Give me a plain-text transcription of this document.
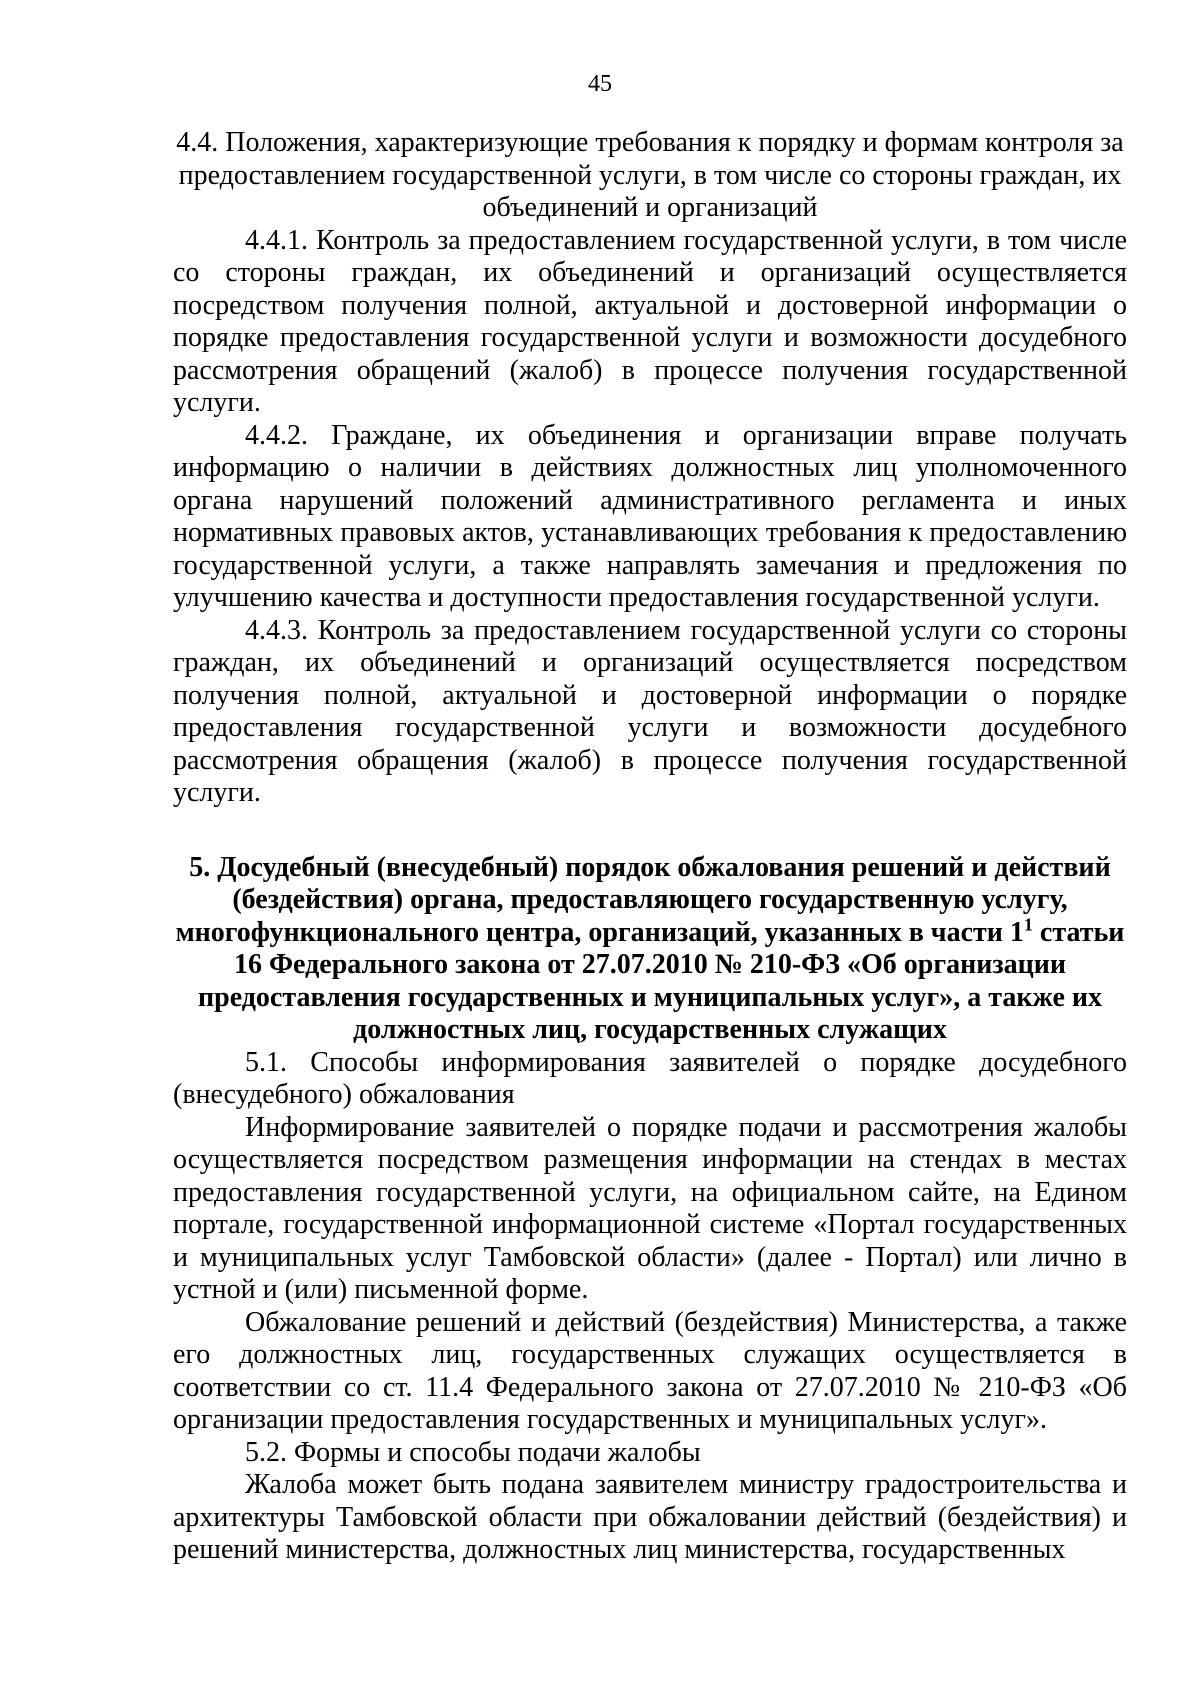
45

4.4. Положения, характеризующие требования к порядку и формам контроля за предоставлением государственной услуги, в том числе со стороны граждан, их объединений и организаций

4.4.1. Контроль за предоставлением государственной услуги, в том числе со стороны граждан, их объединений и организаций осуществляется посредством получения полной, актуальной и достоверной информации о порядке предоставления государственной услуги и возможности досудебного рассмотрения обращений (жалоб) в процессе получения государственной услуги.

4.4.2. Граждане, их объединения и организации вправе получать информацию о наличии в действиях должностных лиц уполномоченного органа нарушений положений административного регламента и иных нормативных правовых актов, устанавливающих требования к предоставлению государственной услуги, а также направлять замечания и предложения по улучшению качества и доступности предоставления государственной услуги.

4.4.3. Контроль за предоставлением государственной услуги со стороны граждан, их объединений и организаций осуществляется посредством получения полной, актуальной и достоверной информации о порядке предоставления государственной услуги и возможности досудебного рассмотрения обращения (жалоб) в процессе получения государственной услуги.

5. Досудебный (внесудебный) порядок обжалования решений и действий (бездействия) органа, предоставляющего государственную услугу, многофункционального центра, организаций, указанных в части $1^1$ статьи 16 Федерального закона от 27.07.2010 № 210-ФЗ «Об организации предоставления государственных и муниципальных услуг», а также их должностных лиц, государственных служащих

5.1. Способы информирования заявителей о порядке досудебного (внесудебного) обжалования

Информирование заявителей о порядке подачи и рассмотрения жалобы осуществляется посредством размещения информации на стендах в местах предоставления государственной услуги, на официальном сайте, на Едином портале, государственной информационной системе «Портал государственных и муниципальных услуг Тамбовской области» (далее - Портал) или лично в устной и (или) письменной форме.

Обжалование решений и действий (бездействия) Министерства, а также его должностных лиц, государственных служащих осуществляется в соответствии со ст. 11.4 Федерального закона от 27.07.2010 № 210-ФЗ «Об организации предоставления государственных и муниципальных услуг».

5.2. Формы и способы подачи жалобы

Жалоба может быть подана заявителем министру градостроительства и архитектуры Тамбовской области при обжаловании действий (бездействия) и решений министерства, должностных лиц министерства, государственных
